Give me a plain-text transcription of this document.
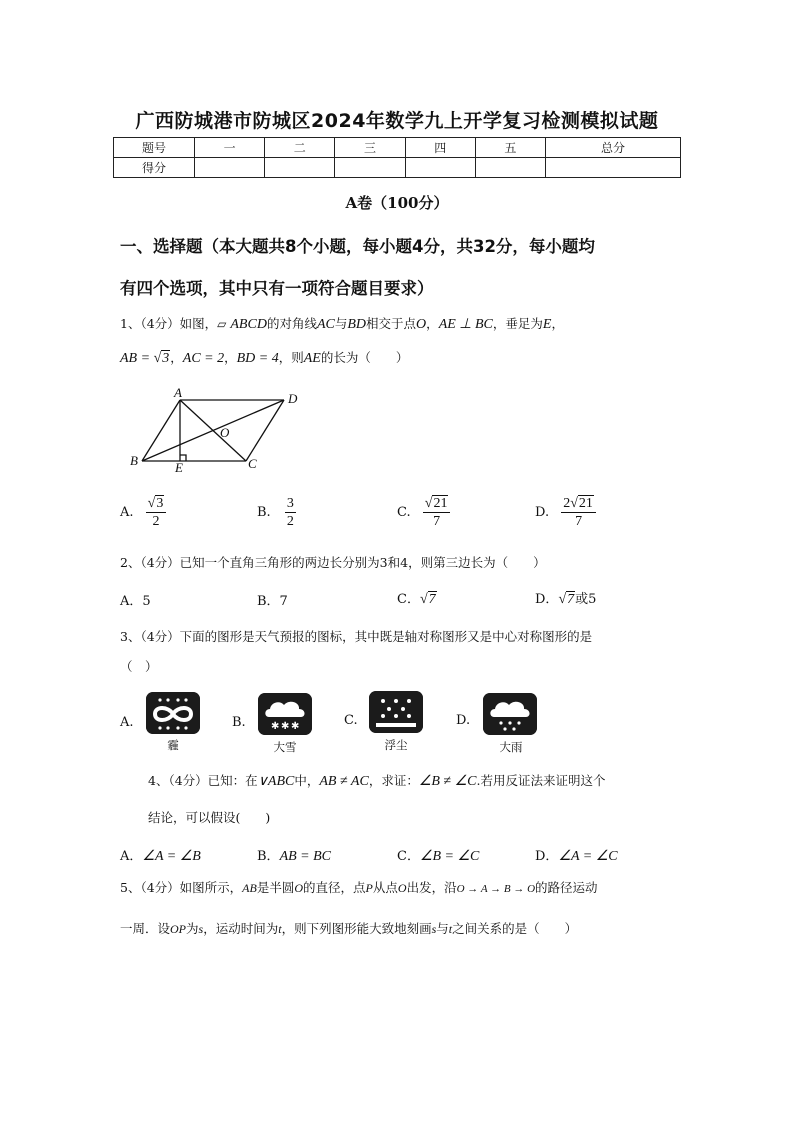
广西防城港市防城区2024年数学九上开学复习检测模拟试题
题号	一	二	三	四	五	总分
得分						
A卷（100分）
一、选择题（本大题共8个小题，每小题4分，共32分，每小题均
有四个选项，其中只有一项符合题目要求）
1、（4分）如图，▱ ABCD的对角线AC与BD相交于点O，AE ⊥ BC，垂足为E，
AB = √3，AC = 2，BD = 4，则AE的长为（　　）
A	D
O
B	E	C
A. $\frac{√3}{2}$	B. $\frac{3}{2}$	C. $\frac{√21}{7}$	D. $\frac{2√21}{7}$
2、（4分）已知一个直角三角形的两边长分别为3和4，则第三边长为（　　）
A．5	B．7	C．√7	D．√7或5
3、（4分）下面的图形是天气预报的图标，其中既是轴对称图形又是中心对称图形的是
（　）
A.
霾
B.	✱ ✱ ✱
大雪
C.
浮尘
D.
大雨
4、（4分）已知：在∨ABC中，AB ≠ AC，求证：∠B ≠ ∠C.若用反证法来证明这个
结论，可以假设(　　)
A．∠A = ∠B	B．AB = BC	C．∠B = ∠C	D．∠A = ∠C
5、（4分）如图所示，AB是半圆O的直径，点P从点O出发，沿O → A → B → O的路径运动
一周．设OP为s，运动时间为t，则下列图形能大致地刻画s与t之间关系的是（　　）
